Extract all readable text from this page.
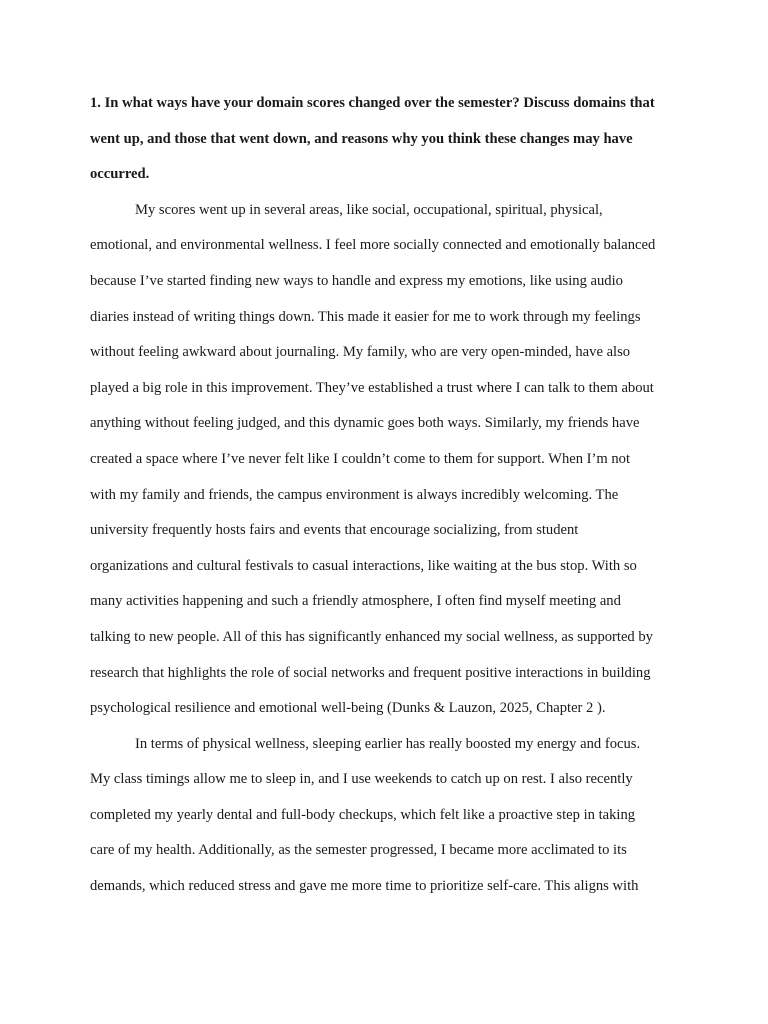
1. In what ways have your domain scores changed over the semester? Discuss domains that
went up, and those that went down, and reasons why you think these changes may have
occurred.

My scores went up in several areas, like social, occupational, spiritual, physical,
emotional, and environmental wellness. I feel more socially connected and emotionally balanced
because I’ve started finding new ways to handle and express my emotions, like using audio
diaries instead of writing things down. This made it easier for me to work through my feelings
without feeling awkward about journaling. My family, who are very open-minded, have also
played a big role in this improvement. They’ve established a trust where I can talk to them about
anything without feeling judged, and this dynamic goes both ways. Similarly, my friends have
created a space where I’ve never felt like I couldn’t come to them for support. When I’m not
with my family and friends, the campus environment is always incredibly welcoming. The
university frequently hosts fairs and events that encourage socializing, from student
organizations and cultural festivals to casual interactions, like waiting at the bus stop. With so
many activities happening and such a friendly atmosphere, I often find myself meeting and
talking to new people. All of this has significantly enhanced my social wellness, as supported by
research that highlights the role of social networks and frequent positive interactions in building
psychological resilience and emotional well-being (Dunks & Lauzon, 2025, Chapter 2 ).

In terms of physical wellness, sleeping earlier has really boosted my energy and focus.
My class timings allow me to sleep in, and I use weekends to catch up on rest. I also recently
completed my yearly dental and full-body checkups, which felt like a proactive step in taking
care of my health. Additionally, as the semester progressed, I became more acclimated to its
demands, which reduced stress and gave me more time to prioritize self-care. This aligns with
